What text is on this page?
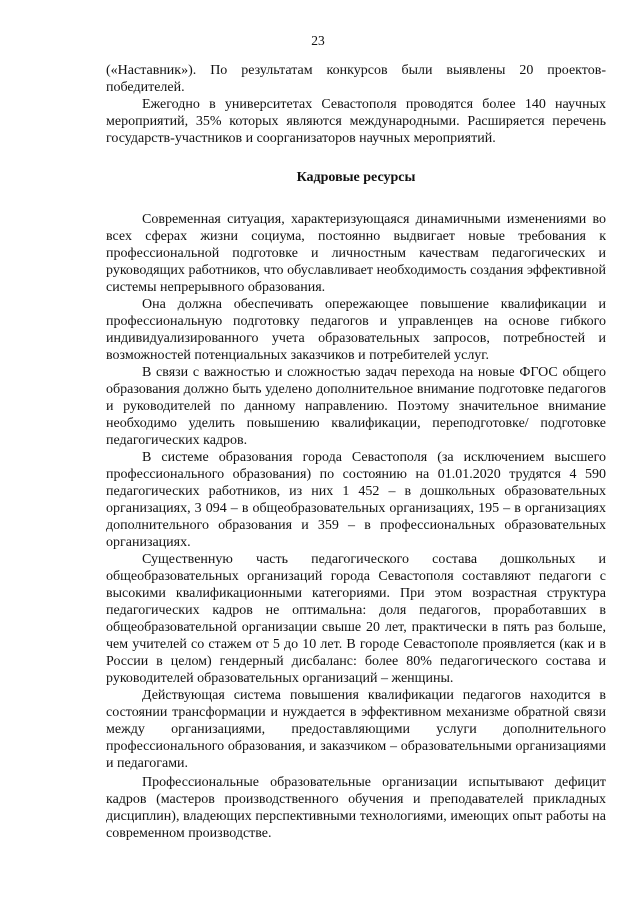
23

(«Наставник»). По результатам конкурсов были выявлены 20 проектов-победителей.

Ежегодно в университетах Севастополя проводятся более 140 научных мероприятий, 35% которых являются международными. Расширяется перечень государств-участников и соорганизаторов научных мероприятий.

Кадровые ресурсы

Современная ситуация, характеризующаяся динамичными изменениями во всех сферах жизни социума, постоянно выдвигает новые требования к профессиональной подготовке и личностным качествам педагогических и руководящих работников, что обуславливает необходимость создания эффективной системы непрерывного образования.

Она должна обеспечивать опережающее повышение квалификации и профессиональную подготовку педагогов и управленцев на основе гибкого индивидуализированного учета образовательных запросов, потребностей и возможностей потенциальных заказчиков и потребителей услуг.

В связи с важностью и сложностью задач перехода на новые ФГОС общего образования должно быть уделено дополнительное внимание подготовке педагогов и руководителей по данному направлению. Поэтому значительное внимание необходимо уделить повышению квалификации, переподготовке/ подготовке педагогических кадров.

В системе образования города Севастополя (за исключением высшего профессионального образования) по состоянию на 01.01.2020 трудятся 4 590 педагогических работников, из них 1 452 – в дошкольных образовательных организациях, 3 094 – в общеобразовательных организациях, 195 – в организациях дополнительного образования и 359 – в профессиональных образовательных организациях.

Существенную часть педагогического состава дошкольных и общеобразовательных организаций города Севастополя составляют педагоги с высокими квалификационными категориями. При этом возрастная структура педагогических кадров не оптимальна: доля педагогов, проработавших в общеобразовательной организации свыше 20 лет, практически в пять раз больше, чем учителей со стажем от 5 до 10 лет. В городе Севастополе проявляется (как и в России в целом) гендерный дисбаланс: более 80% педагогического состава и руководителей образовательных организаций – женщины.

Действующая система повышения квалификации педагогов находится в состоянии трансформации и нуждается в эффективном механизме обратной связи между организациями, предоставляющими услуги дополнительного профессионального образования, и заказчиком – образовательными организациями и педагогами.

Профессиональные образовательные организации испытывают дефицит кадров (мастеров производственного обучения и преподавателей прикладных дисциплин), владеющих перспективными технологиями, имеющих опыт работы на современном производстве.
